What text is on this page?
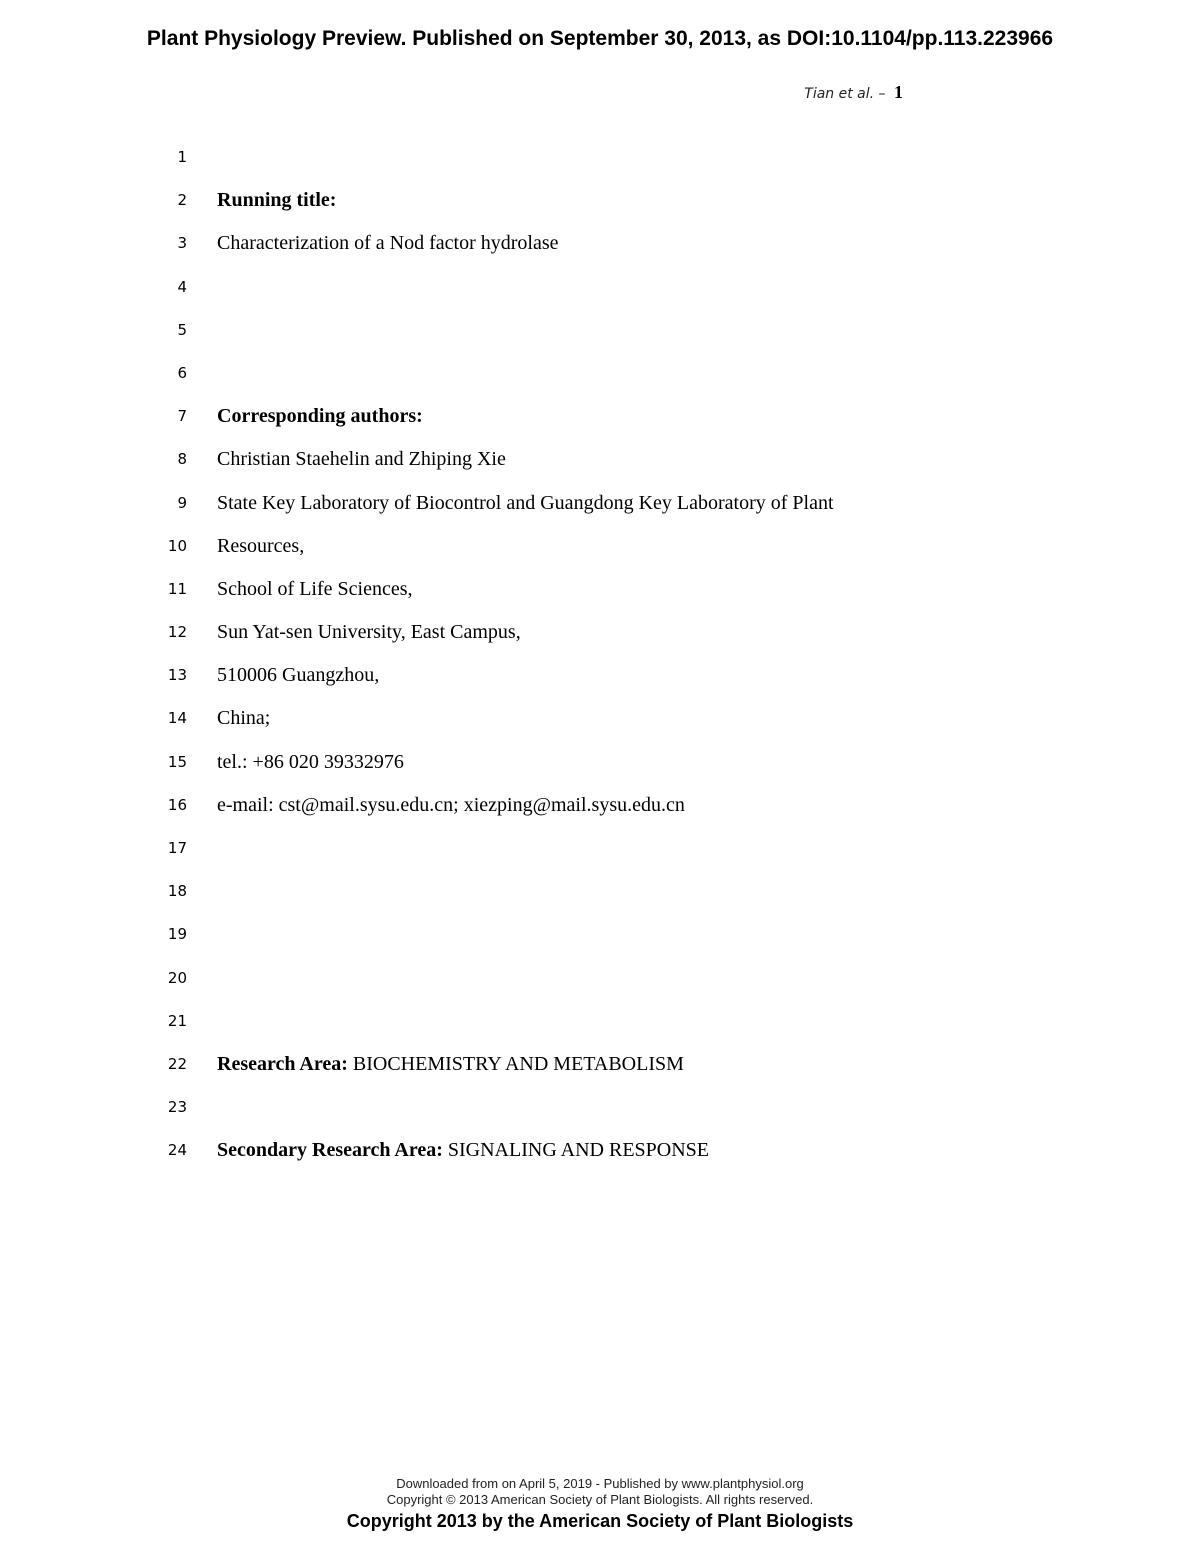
Plant Physiology Preview. Published on September 30, 2013, as DOI:10.1104/pp.113.223966
Tian et al. – 1
1
2 Running title:
3 Characterization of a Nod factor hydrolase
4
5
6
7 Corresponding authors:
8 Christian Staehelin and Zhiping Xie
9 State Key Laboratory of Biocontrol and Guangdong Key Laboratory of Plant
10 Resources,
11 School of Life Sciences,
12 Sun Yat-sen University, East Campus,
13 510006 Guangzhou,
14 China;
15 tel.: +86 020 39332976
16 e-mail: cst@mail.sysu.edu.cn; xiezping@mail.sysu.edu.cn
17
18
19
20
21
22 Research Area: BIOCHEMISTRY AND METABOLISM
23
24 Secondary Research Area: SIGNALING AND RESPONSE
Downloaded from on April 5, 2019 - Published by www.plantphysiol.org
Copyright © 2013 American Society of Plant Biologists. All rights reserved.
Copyright 2013 by the American Society of Plant Biologists
